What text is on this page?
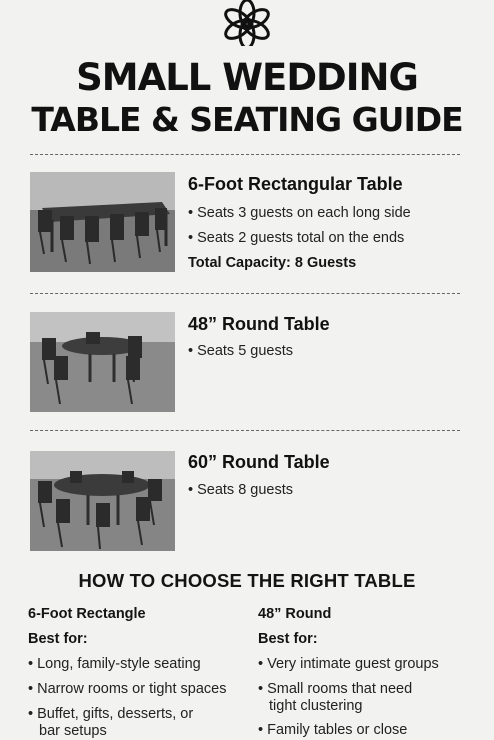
SMALL WEDDING
TABLE & SEATING GUIDE
6-Foot Rectangular Table
• Seats 3 guests on each long side
• Seats 2 guests total on the ends
Total Capacity: 8 Guests
48” Round Table
• Seats 5 guests
60” Round Table
• Seats 8 guests
HOW TO CHOOSE THE RIGHT TABLE
6-Foot Rectangle
Best for:
• Long, family-style seating
• Narrow rooms or tight spaces
• Buffet, gifts, desserts, or
bar setups
48” Round
Best for:
• Very intimate guest groups
• Small rooms that need
tight clustering
• Family tables or close
